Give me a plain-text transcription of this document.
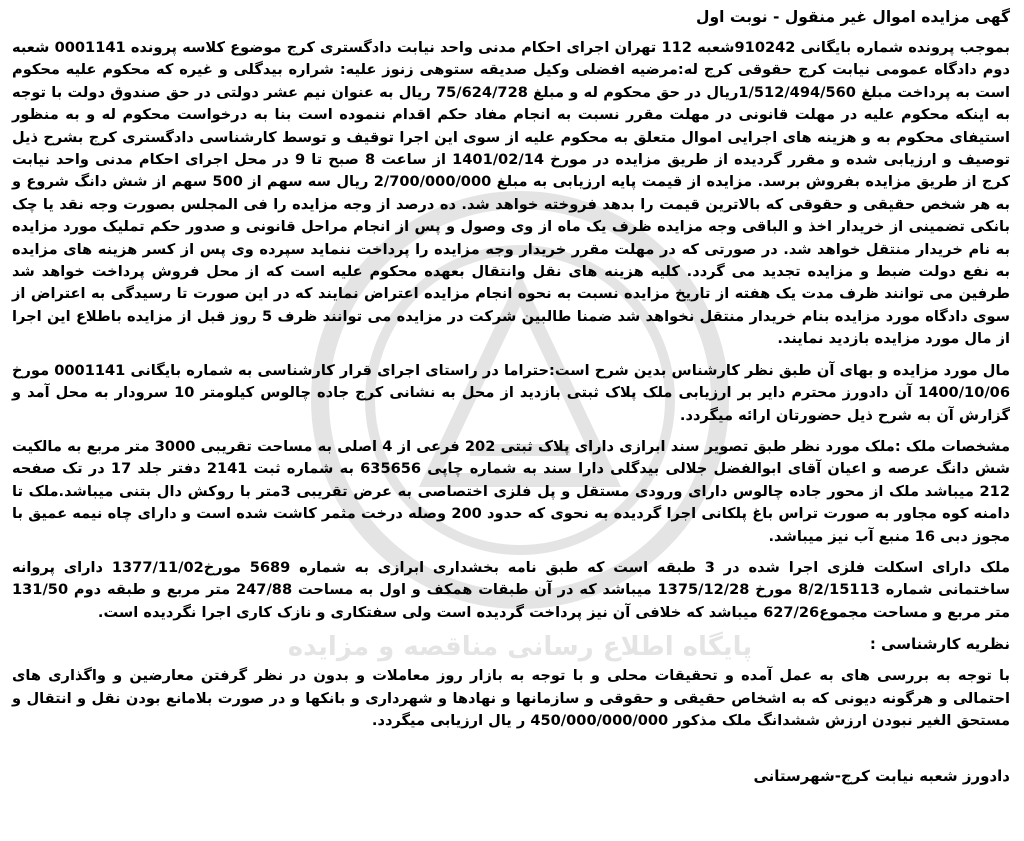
پایگاه اطلاع رسانی مناقصه و مزایده
گهی مزایده اموال غیر منقول - نوبت اول

بموجب پرونده شماره بایگانی 910242شعبه 112 تهران اجرای احکام مدنی واحد نیابت دادگستری کرج موضوع کلاسه پرونده 0001141 شعبه دوم دادگاه عمومی نیابت کرج حقوقی کرج له:مرضیه افضلی وکیل صدیقه ستوهی زنوز علیه: شراره بیدگلی و غیره که محکوم علیه محکوم است به پرداخت مبلغ 1/512/494/560ریال در حق محکوم له و مبلغ 75/624/728 ریال به عنوان نیم عشر دولتی در حق صندوق دولت با توجه به اینکه محکوم علیه در مهلت قانونی در مهلت مقرر نسبت به انجام مفاد حکم اقدام ننموده است بنا به درخواست محکوم له و به منظور استیفای محکوم به و هزینه های اجرایی اموال متعلق به محکوم علیه از سوی این اجرا توقیف و توسط کارشناسی دادگستری کرج بشرح ذیل توصیف و ارزیابی شده و مقرر گردیده از طریق مزایده در مورخ 1401/02/14 از ساعت 8 صبح تا 9 در محل اجرای احکام مدنی واحد نیابت کرج از طریق مزایده بفروش برسد. مزایده از قیمت پایه ارزیابی به مبلغ 2/700/000/000 ریال سه سهم از 500 سهم از شش دانگ شروع و به هر شخص حقیقی و حقوقی که بالاترین قیمت را بدهد فروخته خواهد شد. ده درصد از وجه مزایده را فی المجلس بصورت وجه نقد یا چک بانکی تضمینی از خریدار اخذ و الباقی وجه مزایده ظرف یک ماه از وی وصول و پس از انجام مراحل قانونی و صدور حکم تملیک مورد مزایده به نام خریدار منتقل خواهد شد. در صورتی که در مهلت مقرر خریدار وجه مزایده را پرداخت ننماید سپرده وی پس از کسر هزینه های مزایده به نفع دولت ضبط و مزایده تجدید می گردد. کلیه هزینه های نقل وانتقال بعهده محکوم علیه است که از محل فروش پرداخت خواهد شد طرفین می توانند ظرف مدت یک هفته از تاریخ مزایده نسبت به نحوه انجام مزایده اعتراض نمایند که در این صورت تا رسیدگی به اعتراض از سوی دادگاه مورد مزایده بنام خریدار منتقل نخواهد شد ضمنا طالبین شرکت در مزایده می توانند ظرف 5 روز قبل از مزایده باطلاع این اجرا از مال مورد مزایده بازدید نمایند.

مال مورد مزایده و بهای آن طبق نظر کارشناس بدین شرح است:حتراما در راستای اجرای قرار کارشناسی به شماره بایگانی 0001141 مورخ 1400/10/06 آن دادورز محترم دایر بر ارزیابی ملک پلاک ثبتی بازدید از محل به نشانی کرج جاده چالوس کیلومتر 10 سرودار به محل آمد و گزارش آن به شرح ذیل حضورتان ارائه میگردد.

مشخصات ملک :ملک مورد نظر طبق تصویر سند ابرازی دارای پلاک ثبتی 202 فرعی از 4 اصلی به مساحت تقریبی 3000 متر مربع به مالکیت شش دانگ عرصه و اعیان آقای ابوالفضل جلالی بیدگلی دارا سند به شماره چاپی 635656 به شماره ثبت 2141 دفتر جلد 17 در تک صفحه 212 میباشد ملک از محور جاده چالوس دارای ورودی مستقل و پل فلزی اختصاصی به عرض تقریبی 3متر با روکش دال بتنی میباشد.ملک تا دامنه کوه مجاور به صورت تراس باغ پلکانی اجرا گردیده به نحوی که حدود 200 وصله درخت مثمر کاشت شده است و دارای چاه نیمه عمیق با مجوز دبی 16 منبع آب نیز میباشد.

ملک دارای اسکلت فلزی اجرا شده در 3 طبقه است که طبق نامه بخشداری ابرازی به شماره 5689 مورخ1377/11/02 دارای پروانه ساختمانی شماره 8/2/15113 مورخ 1375/12/28 میباشد که در آن طبقات همکف و اول به مساحت 247/88 متر مربع و طبقه دوم 131/50 متر مربع و مساحت مجموع627/26 میباشد که خلافی آن نیز پرداخت گردیده است ولی سفتکاری و نازک کاری اجرا نگردیده است.

نظریه کارشناسی :

با توجه به بررسی های به عمل آمده و تحقیقات محلی و با توجه به بازار روز معاملات و بدون در نظر گرفتن معارضین و واگذاری های احتمالی و هرگونه دیونی که به اشخاص حقیقی و حقوقی و سازمانها و نهادها و شهرداری و بانکها و در صورت بلامانع بودن نقل و انتقال و مستحق الغیر نبودن ارزش ششدانگ ملک مذکور 450/000/000/000 ر یال ارزیابی میگردد.

دادورز شعبه نیابت کرج-شهرستانی
